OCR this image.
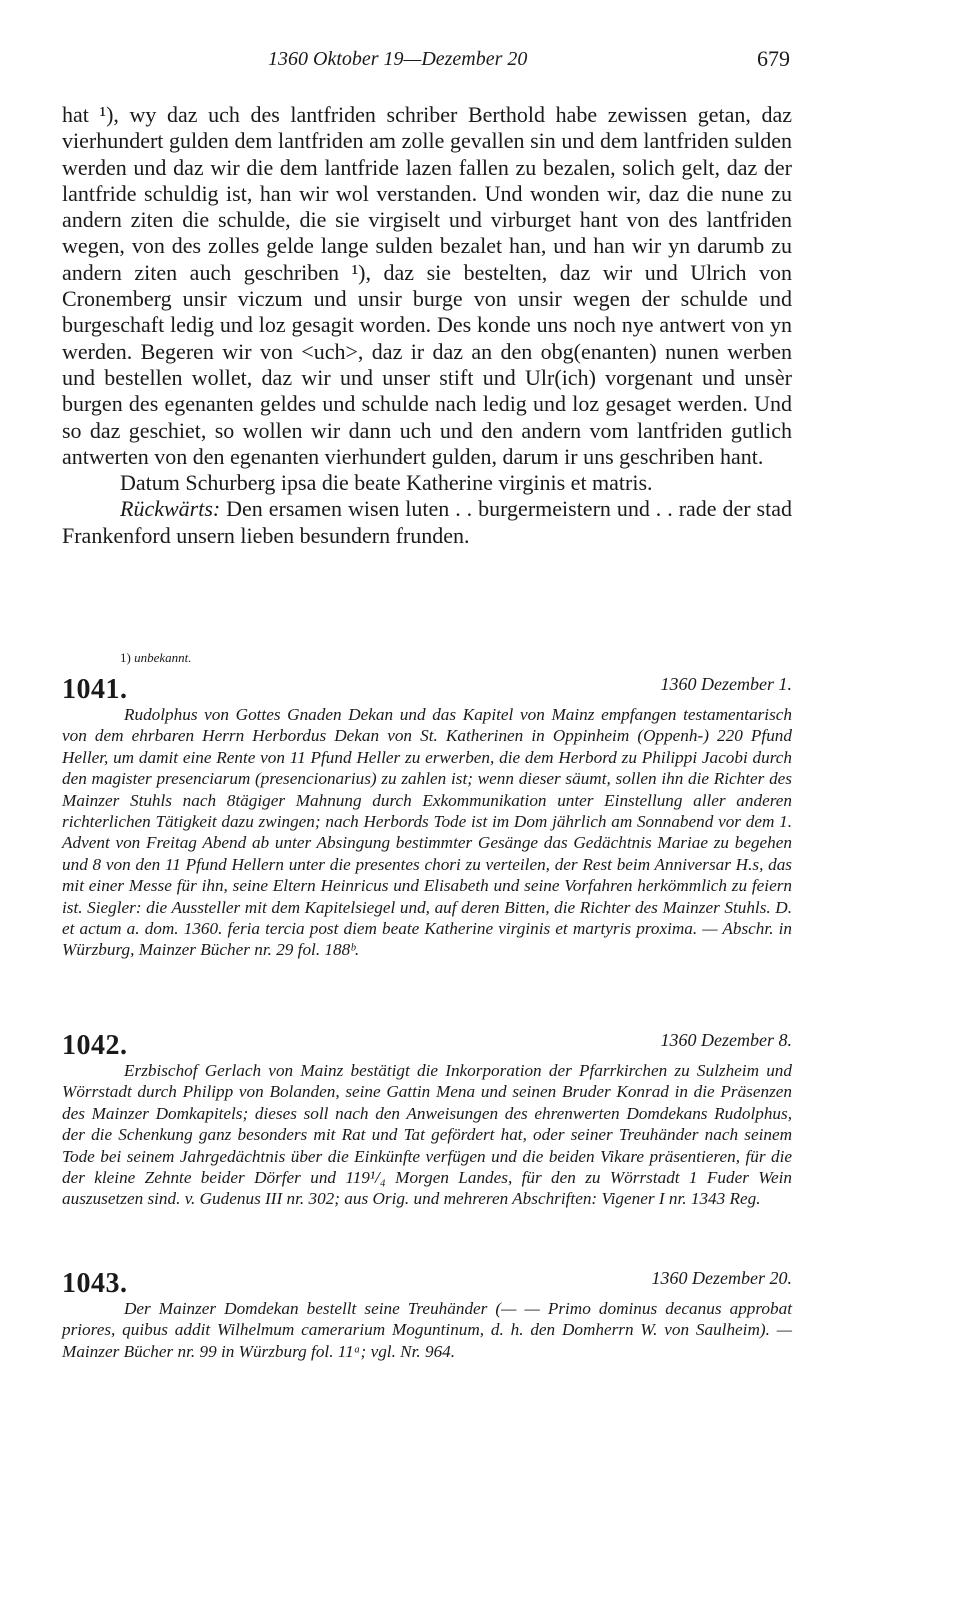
1360 Oktober 19—Dezember 20	679

hat ¹), wy daz uch des lantfriden schriber Berthold habe zewissen getan, daz vierhundert gulden dem lantfriden am zolle gevallen sin und dem lantfriden sulden werden und daz wir die dem lantfride lazen fallen zu bezalen, solich gelt, daz der lantfride schuldig ist, han wir wol verstanden. Und wonden wir, daz die nune zu andern ziten die schulde, die sie virgiselt und virburget hant von des lantfriden wegen, von des zolles gelde lange sulden bezalet han, und han wir yn darumb zu andern ziten auch geschriben ¹), daz sie bestelten, daz wir und Ulrich von Cronemberg unsir viczum und unsir burge von unsir wegen der schulde und burgeschaft ledig und loz gesagit worden. Des konde uns noch nye antwert von yn werden. Begeren wir von ˂uch˃, daz ir daz an den obg(enanten) nunen werben und bestellen wollet, daz wir und unser stift und Ulr(ich) vorgenant und unsèr burgen des egenanten geldes und schulde nach ledig und loz gesaget werden. Und so daz geschiet, so wollen wir dann uch und den andern vom lantfriden gutlich antwerten von den egenanten vierhundert gulden, darum ir uns geschriben hant.

Datum Schurberg ipsa die beate Katherine virginis et matris.

Rückwärts: Den ersamen wisen luten . . burgermeistern und . . rade der stad Frankenford unsern lieben besundern frunden.

1) unbekannt.
1041.	1360 Dezember 1.

Rudolphus von Gottes Gnaden Dekan und das Kapitel von Mainz empfangen testamentarisch von dem ehrbaren Herrn Herbordus Dekan von St. Katherinen in Oppinheim (Oppenh-) 220 Pfund Heller, um damit eine Rente von 11 Pfund Heller zu erwerben, die dem Herbord zu Philippi Jacobi durch den magister presenciarum (presencionarius) zu zahlen ist; wenn dieser säumt, sollen ihn die Richter des Mainzer Stuhls nach 8tägiger Mahnung durch Exkommunikation unter Einstellung aller anderen richterlichen Tätigkeit dazu zwingen; nach Herbords Tode ist im Dom jährlich am Sonnabend vor dem 1. Advent von Freitag Abend ab unter Absingung bestimmter Gesänge das Gedächtnis Mariae zu begehen und 8 von den 11 Pfund Hellern unter die presentes chori zu verteilen, der Rest beim Anniversar H.s, das mit einer Messe für ihn, seine Eltern Heinricus und Elisabeth und seine Vorfahren herkömmlich zu feiern ist. Siegler: die Aussteller mit dem Kapitelsiegel und, auf deren Bitten, die Richter des Mainzer Stuhls. D. et actum a. dom. 1360. feria tercia post diem beate Katherine virginis et martyris proxima. — Abschr. in Würzburg, Mainzer Bücher nr. 29 fol. 188ᵇ.

1042.	1360 Dezember 8.

Erzbischof Gerlach von Mainz bestätigt die Inkorporation der Pfarrkirchen zu Sulzheim und Wörrstadt durch Philipp von Bolanden, seine Gattin Mena und seinen Bruder Konrad in die Präsenzen des Mainzer Domkapitels; dieses soll nach den Anweisungen des ehrenwerten Domdekans Rudolphus, der die Schenkung ganz besonders mit Rat und Tat gefördert hat, oder seiner Treuhänder nach seinem Tode bei seinem Jahrgedächtnis über die Einkünfte verfügen und die beiden Vikare präsentieren, für die der kleine Zehnte beider Dörfer und 119¹/₄ Morgen Landes, für den zu Wörrstadt 1 Fuder Wein auszusetzen sind. v. Gudenus III nr. 302; aus Orig. und mehreren Abschriften: Vigener I nr. 1343 Reg.

1043.	1360 Dezember 20.

Der Mainzer Domdekan bestellt seine Treuhänder (— — Primo dominus decanus approbat priores, quibus addit Wilhelmum camerarium Moguntinum, d. h. den Domherrn W. von Saulheim). — Mainzer Bücher nr. 99 in Würzburg fol. 11ᵃ; vgl. Nr. 964.
